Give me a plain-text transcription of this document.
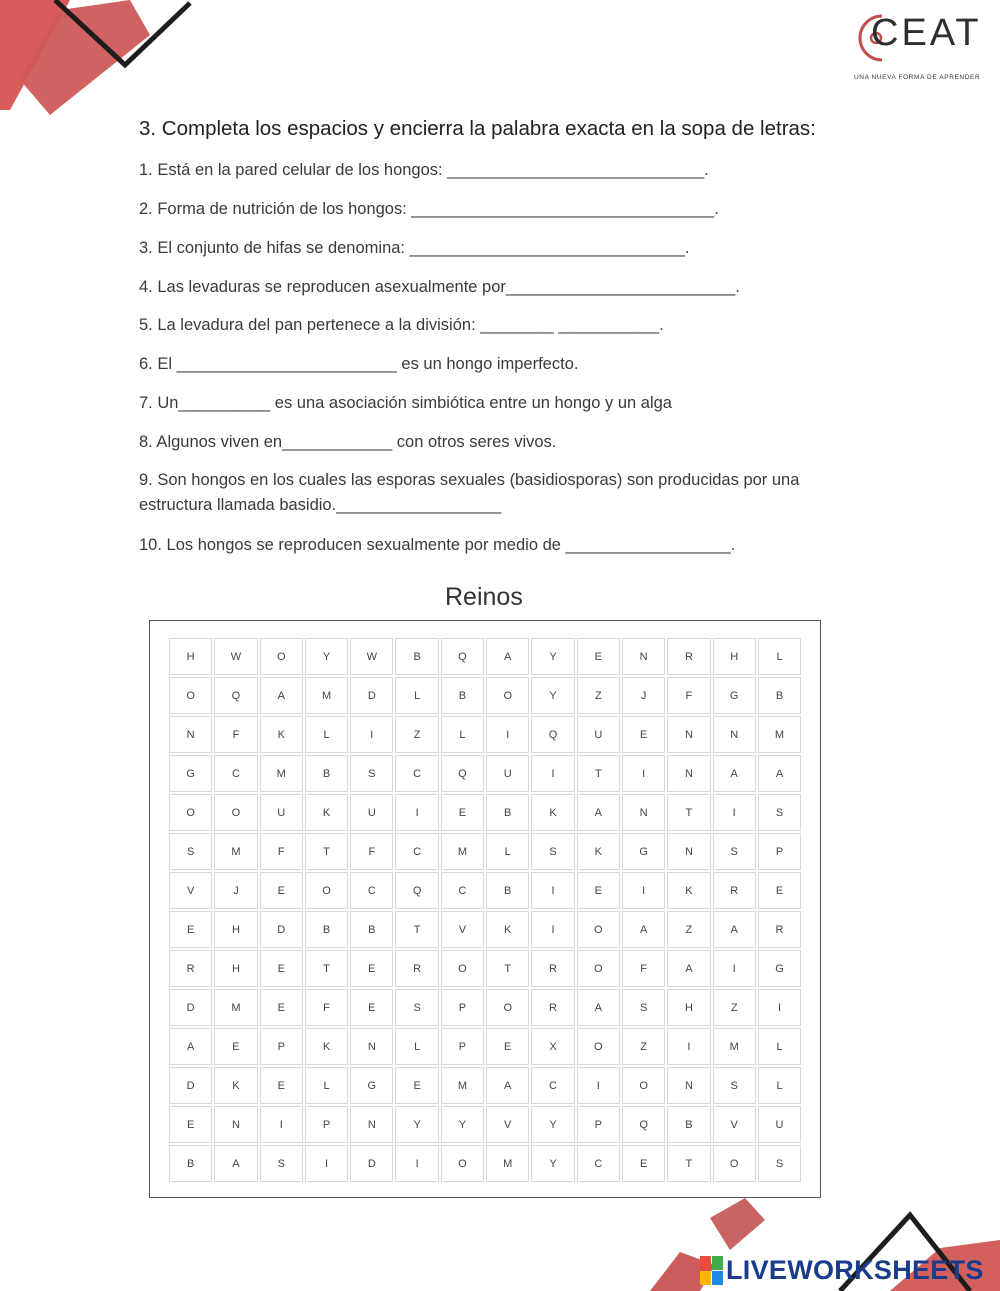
CEAT
UNA NUEVA FORMA DE APRENDER
3. Completa los espacios y encierra la palabra exacta en la sopa de letras:
1. Está en la pared celular de los hongos: ____________________________.
2. Forma de nutrición de los hongos: _________________________________.
3. El conjunto de hifas se denomina: ______________________________.
4. Las levaduras se reproducen asexualmente por_________________________.
5. La levadura del pan pertenece a la división: ________ ___________.
6. El ________________________ es un hongo imperfecto.
7. Un__________ es una asociación simbiótica entre un hongo y un alga
8. Algunos viven en____________ con otros seres vivos.
9. Son hongos en los cuales las esporas sexuales (basidiosporas) son producidas por una estructura llamada basidio.__________________
10. Los hongos se reproducen sexualmente por medio de __________________.
Reinos
H	W	O	Y	W	B	Q	A	Y	E	N	R	H	L
O	Q	A	M	D	L	B	O	Y	Z	J	F	G	B
N	F	K	L	I	Z	L	I	Q	U	E	N	N	M
G	C	M	B	S	C	Q	U	I	T	I	N	A	A
O	O	U	K	U	I	E	B	K	A	N	T	I	S
S	M	F	T	F	C	M	L	S	K	G	N	S	P
V	J	E	O	C	Q	C	B	I	E	I	K	R	E
E	H	D	B	B	T	V	K	I	O	A	Z	A	R
R	H	E	T	E	R	O	T	R	O	F	A	I	G
D	M	E	F	E	S	P	O	R	A	S	H	Z	I
A	E	P	K	N	L	P	E	X	O	Z	I	M	L
D	K	E	L	G	E	M	A	C	I	O	N	S	L
E	N	I	P	N	Y	Y	V	Y	P	Q	B	V	U
B	A	S	I	D	I	O	M	Y	C	E	T	O	S
LIVEWORKSHEETS
